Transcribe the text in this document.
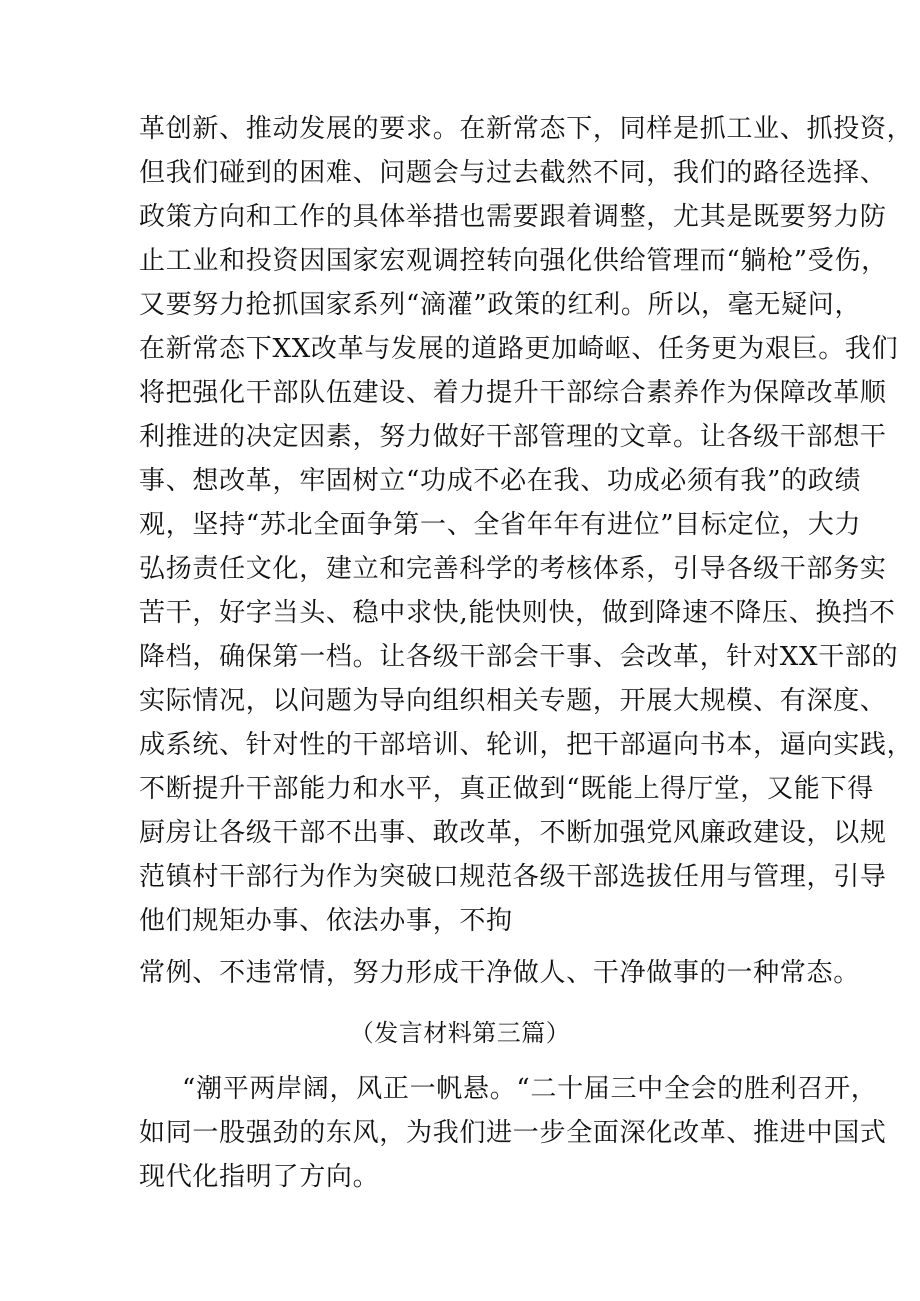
革创新、推动发展的要求。在新常态下，同样是抓工业、抓投资，
但我们碰到的困难、问题会与过去截然不同，我们的路径选择、
政策方向和工作的具体举措也需要跟着调整，尤其是既要努力防
止工业和投资因国家宏观调控转向强化供给管理而“躺枪”受伤，
又要努力抢抓国家系列“滴灌”政策的红利。所以，毫无疑问，
在新常态下XX改革与发展的道路更加崎岖、任务更为艰巨。我们
将把强化干部队伍建设、着力提升干部综合素养作为保障改革顺
利推进的决定因素，努力做好干部管理的文章。让各级干部想干
事、想改革，牢固树立“功成不必在我、功成必须有我”的政绩
观，坚持“苏北全面争第一、全省年年有进位”目标定位，大力
弘扬责任文化，建立和完善科学的考核体系，引导各级干部务实
苦干，好字当头、稳中求快,能快则快，做到降速不降压、换挡不
降档，确保第一档。让各级干部会干事、会改革，针对XX干部的
实际情况，以问题为导向组织相关专题，开展大规模、有深度、
成系统、针对性的干部培训、轮训，把干部逼向书本，逼向实践，
不断提升干部能力和水平，真正做到“既能上得厅堂，又能下得
厨房让各级干部不出事、敢改革，不断加强党风廉政建设，以规
范镇村干部行为作为突破口规范各级干部选拔任用与管理，引导
他们规矩办事、依法办事，不拘
常例、不违常情，努力形成干净做人、干净做事的一种常态。
（发言材料第三篇）
“潮平两岸阔，风正一帆悬。“二十届三中全会的胜利召开，
如同一股强劲的东风，为我们进一步全面深化改革、推进中国式
现代化指明了方向。
